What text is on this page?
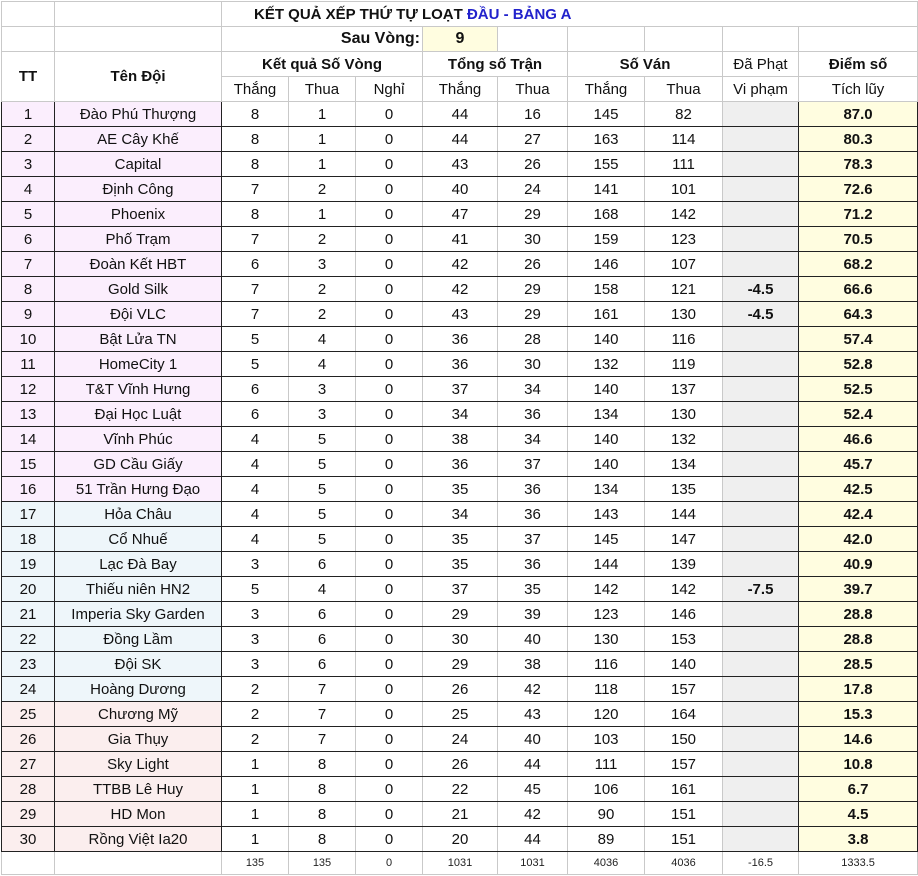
		KẾT QUẢ XẾP THỨ TỰ LOẠT ĐẦU - BẢNG A								
		Sau Vòng:			9					
TT	Tên Đội	Kết quả Số Vòng			Tổng số Trận		Số Ván		Đã Phạt	Điểm số
		Thắng	Thua	Nghỉ	Thắng	Thua	Thắng	Thua	Vi phạm	Tích lũy
1	Đào Phú Thượng	8	1	0	44	16	145	82		87.0
2	AE Cây Khế	8	1	0	44	27	163	114		80.3
3	Capital	8	1	0	43	26	155	111		78.3
4	Định Công	7	2	0	40	24	141	101		72.6
5	Phoenix	8	1	0	47	29	168	142		71.2
6	Phố Trạm	7	2	0	41	30	159	123		70.5
7	Đoàn Kết HBT	6	3	0	42	26	146	107		68.2
8	Gold Silk	7	2	0	42	29	158	121	-4.5	66.6
9	Đội VLC	7	2	0	43	29	161	130	-4.5	64.3
10	Bật Lửa TN	5	4	0	36	28	140	116		57.4
11	HomeCity 1	5	4	0	36	30	132	119		52.8
12	T&T Vĩnh Hưng	6	3	0	37	34	140	137		52.5
13	Đại Học Luật	6	3	0	34	36	134	130		52.4
14	Vĩnh Phúc	4	5	0	38	34	140	132		46.6
15	GD Cầu Giấy	4	5	0	36	37	140	134		45.7
16	51 Trần Hưng Đạo	4	5	0	35	36	134	135		42.5
17	Hỏa Châu	4	5	0	34	36	143	144		42.4
18	Cổ Nhuế	4	5	0	35	37	145	147		42.0
19	Lạc Đà Bay	3	6	0	35	36	144	139		40.9
20	Thiếu niên HN2	5	4	0	37	35	142	142	-7.5	39.7
21	Imperia Sky Garden	3	6	0	29	39	123	146		28.8
22	Đồng Lầm	3	6	0	30	40	130	153		28.8
23	Đội SK	3	6	0	29	38	116	140		28.5
24	Hoàng Dương	2	7	0	26	42	118	157		17.8
25	Chương Mỹ	2	7	0	25	43	120	164		15.3
26	Gia Thụy	2	7	0	24	40	103	150		14.6
27	Sky Light	1	8	0	26	44	111	157		10.8
28	TTBB Lê Huy	1	8	0	22	45	106	161		6.7
29	HD Mon	1	8	0	21	42	90	151		4.5
30	Rồng Việt Ia20	1	8	0	20	44	89	151		3.8
		135	135	0	1031	1031	4036	4036	-16.5	1333.5
